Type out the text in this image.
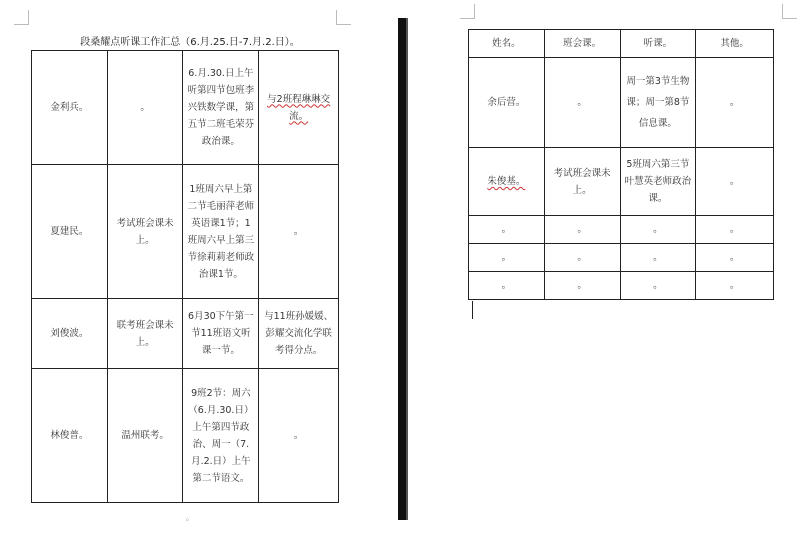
段桑耀点听课工作汇总（6.月.25.日-7.月.2.日）。
金利兵。	。	6.月.30.日上午听第四节包班李兴铁数学课，第五节二班毛荣芬政治课。	与2班程琳琳交流。
夏建民。	考试班会课未上。	1班周六早上第二节毛丽萍老师英语课1节；1班周六早上第三节徐莉莉老师政治课1节。	。
刘俊波。	联考班会课未上。	6月30下午第一节11班语文听课一节。	与11班孙媛媛、彭耀交流化学联考得分点。
林俊普。	温州联考。	9班2节：周六（6.月.30.日）上午第四节政治、周一（7.月.2.日）上午第二节语文。	。
。
姓名。	班会课。	听课。	其他。
余后营。	。	周一第3节生物课；周一第8节信息课。	。
朱俊基。	考试班会课未上。	5班周六第三节叶慧英老师政治课。	。
。	。	。	。
。	。	。	。
。	。	。	。
